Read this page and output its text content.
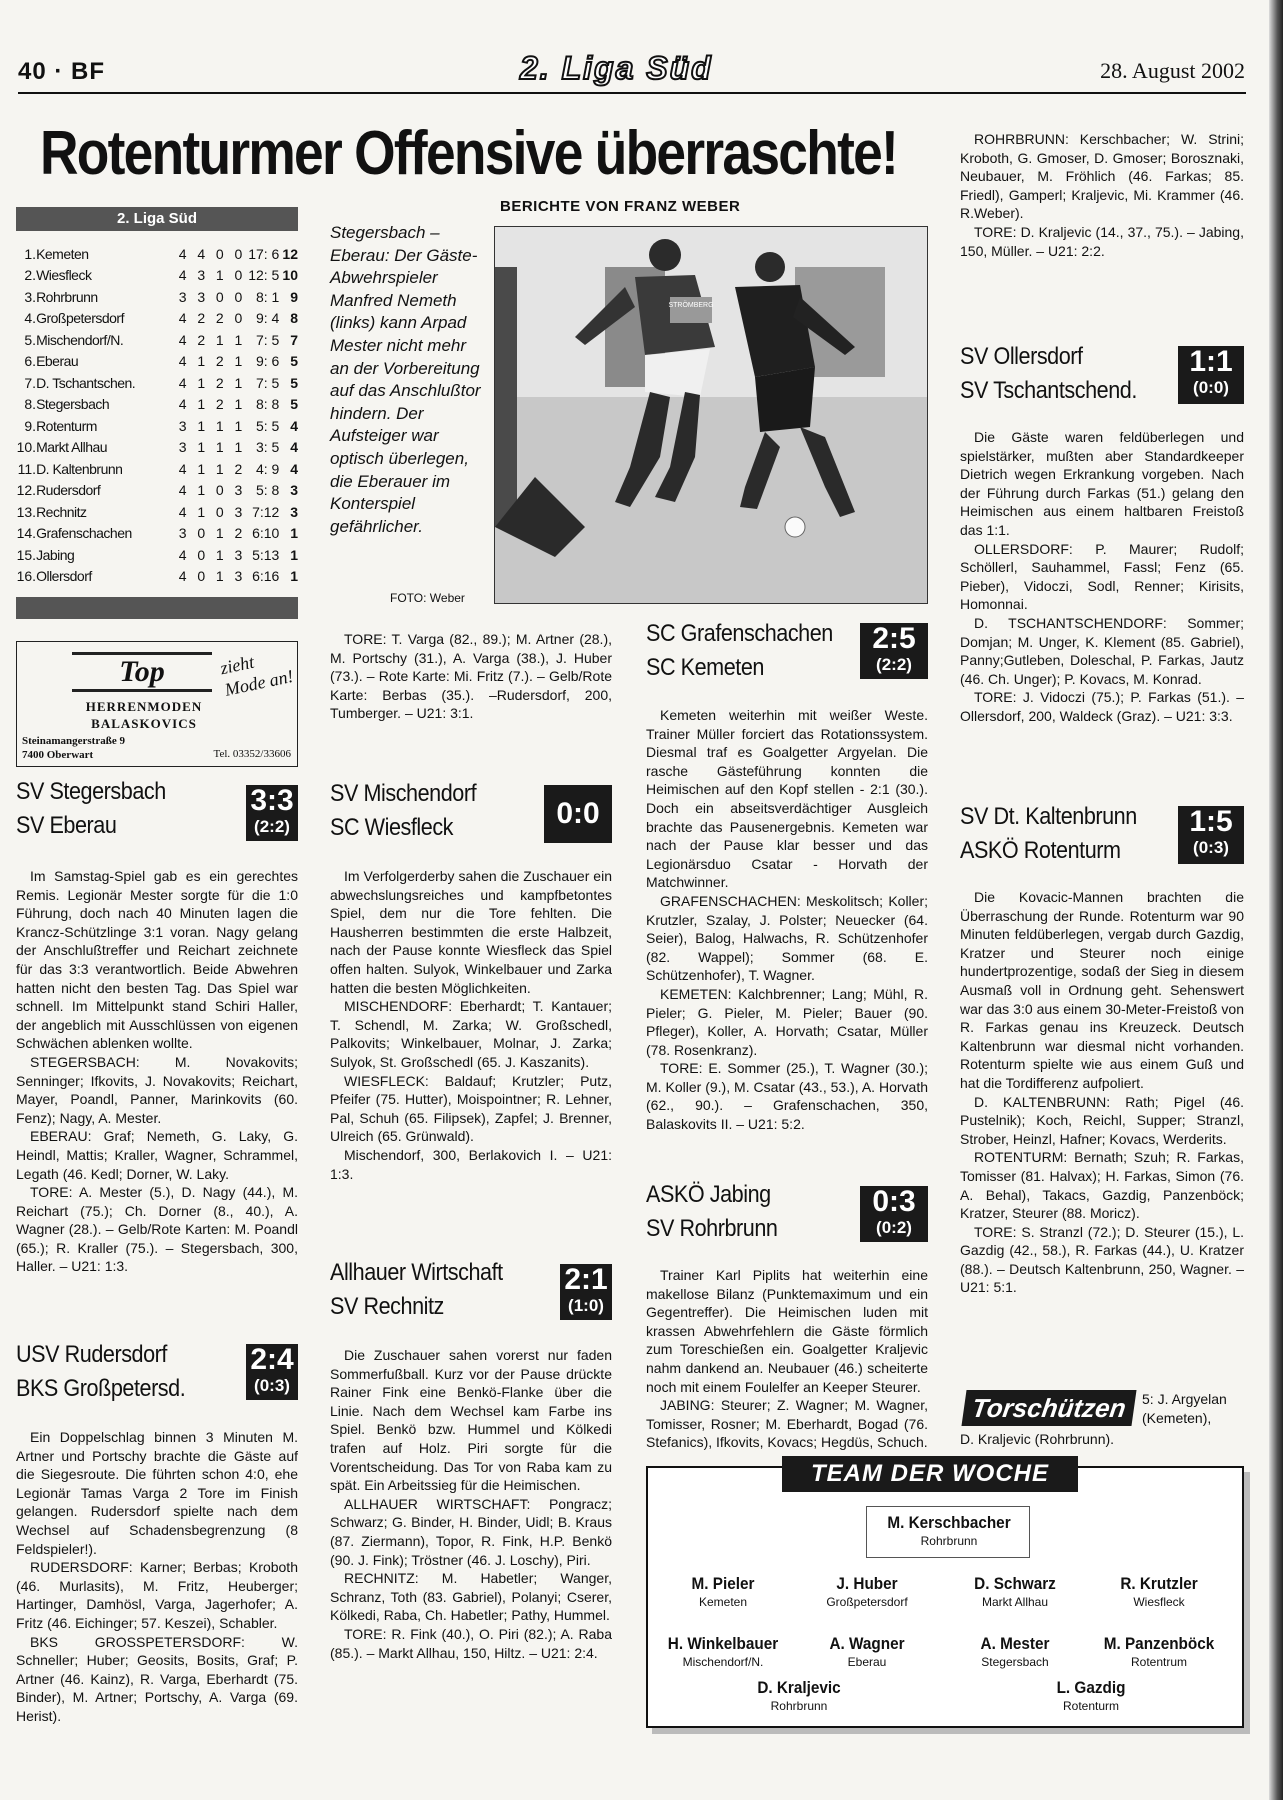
40 · BF	2. Liga Süd	28. August 2002
Rotenturmer Offensive überraschte!
2. Liga Süd
1.	Kemeten	4	4	0	0	17: 6	12
2.	Wiesfleck	4	3	1	0	12: 5	10
3.	Rohrbrunn	3	3	0	0	8: 1	9
4.	Großpetersdorf	4	2	2	0	9: 4	8
5.	Mischendorf/N.	4	2	1	1	7: 5	7
6.	Eberau	4	1	2	1	9: 6	5
7.	D. Tschantschen.	4	1	2	1	7: 5	5
8.	Stegersbach	4	1	2	1	8: 8	5
9.	Rotenturm	3	1	1	1	5: 5	4
10.	Markt Allhau	3	1	1	1	3: 5	4
11.	D. Kaltenbrunn	4	1	1	2	4: 9	4
12.	Rudersdorf	4	1	0	3	5: 8	3
13.	Rechnitz	4	1	0	3	7:12	3
14.	Grafenschachen	3	0	1	2	6:10	1
15.	Jabing	4	0	1	3	5:13	1
16.	Ollersdorf	4	0	1	3	6:16	1
Top
HERRENMODEN
BALASKOVICS
zieht Mode an!
Steinamangerstraße 9
7400 Oberwart	Tel. 03352/33606
BERICHTE VON FRANZ WEBER
Stegersbach – Eberau: Der Gäste-Abwehrspieler Manfred Nemeth (links) kann Arpad Mester nicht mehr an der Vorbereitung auf das Anschlußtor hindern. Der Aufsteiger war optisch überlegen, die Eberauer im Konterspiel gefährlicher.
FOTO: Weber
STRÖMBERG
SV Stegersbach
SV Eberau
3:3
(2:2)

Im Samstag-Spiel gab es ein gerechtes Remis. Legionär Mester sorgte für die 1:0 Führung, doch nach 40 Minuten lagen die Krancz-Schützlinge 3:1 voran. Nagy gelang der Anschlußtreffer und Reichart zeichnete für das 3:3 verantwortlich. Beide Abwehren hatten nicht den besten Tag. Das Spiel war schnell. Im Mittelpunkt stand Schiri Haller, der angeblich mit Ausschlüssen von eigenen Schwächen ablenken wollte.

STEGERSBACH: M. Novakovits; Senninger; Ifkovits, J. Novakovits; Reichart, Mayer, Poandl, Panner, Marinkovits (60. Fenz); Nagy, A. Mester.

EBERAU: Graf; Nemeth, G. Laky, G. Heindl, Mattis; Kraller, Wagner, Schrammel, Legath (46. Kedl; Dorner, W. Laky.

TORE: A. Mester (5.), D. Nagy (44.), M. Reichart (75.); Ch. Dorner (8., 40.), A. Wagner (28.). – Gelb/Rote Karten: M. Poandl (65.); R. Kraller (75.). – Stegersbach, 300, Haller. – U21: 1:3.

USV Rudersdorf
BKS Großpetersd.
2:4
(0:3)

Ein Doppelschlag binnen 3 Minuten M. Artner und Portschy brachte die Gäste auf die Siegesroute. Die führten schon 4:0, ehe Legionär Tamas Varga 2 Tore im Finish gelangen. Rudersdorf spielte nach dem Wechsel auf Schadensbegrenzung (8 Feldspieler!).

RUDERSDORF: Karner; Berbas; Kroboth (46. Murlasits), M. Fritz, Heuberger; Hartinger, Damhösl, Varga, Jagerhofer; A. Fritz (46. Eichinger; 57. Keszei), Schabler.

BKS GROSSPETERSDORF: W. Schneller; Huber; Geosits, Bosits, Graf; P. Artner (46. Kainz), R. Varga, Eberhardt (75. Binder), M. Artner; Portschy, A. Varga (69. Herist).

TORE: T. Varga (82., 89.); M. Artner (28.), M. Portschy (31.), A. Varga (38.), J. Huber (73.). – Rote Karte: Mi. Fritz (7.). – Gelb/Rote Karte: Berbas (35.). –Rudersdorf, 200, Tumberger. – U21: 3:1.

SV Mischendorf
SC Wiesfleck	0:0

Im Verfolgerderby sahen die Zuschauer ein abwechslungsreiches und kampfbetontes Spiel, dem nur die Tore fehlten. Die Hausherren bestimmten die erste Halbzeit, nach der Pause konnte Wiesfleck das Spiel offen halten. Sulyok, Winkelbauer und Zarka hatten die besten Möglichkeiten.

MISCHENDORF: Eberhardt; T. Kantauer; T. Schendl, M. Zarka; W. Großschedl, Palkovits; Winkelbauer, Molnar, J. Zarka; Sulyok, St. Großschedl (65. J. Kaszanits).

WIESFLECK: Baldauf; Krutzler; Putz, Pfeifer (75. Hutter), Moispointner; R. Lehner, Pal, Schuh (65. Filipsek), Zapfel; J. Brenner, Ulreich (65. Grünwald).

Mischendorf, 300, Berlakovich I. – U21: 1:3.

Allhauer Wirtschaft
SV Rechnitz
2:1
(1:0)

Die Zuschauer sahen vorerst nur faden Sommerfußball. Kurz vor der Pause drückte Rainer Fink eine Benkö-Flanke über die Linie. Nach dem Wechsel kam Farbe ins Spiel. Benkö bzw. Hummel und Kölkedi trafen auf Holz. Piri sorgte für die Vorentscheidung. Das Tor von Raba kam zu spät. Ein Arbeitssieg für die Heimischen.

ALLHAUER WIRTSCHAFT: Pongracz; Schwarz; G. Binder, H. Binder, Uidl; B. Kraus (87. Ziermann), Topor, R. Fink, H.P. Benkö (90. J. Fink); Tröstner (46. J. Loschy), Piri.

RECHNITZ: M. Habetler; Wanger, Schranz, Toth (83. Gabriel), Polanyi; Cserer, Kölkedi, Raba, Ch. Habetler; Pathy, Hummel.

TORE: R. Fink (40.), O. Piri (82.); A. Raba (85.). – Markt Allhau, 150, Hiltz. – U21: 2:4.

SC Grafenschachen
SC Kemeten
2:5
(2:2)

Kemeten weiterhin mit weißer Weste. Trainer Müller forciert das Rotationssystem. Diesmal traf es Goalgetter Argyelan. Die rasche Gästeführung konnten die Heimischen auf den Kopf stellen - 2:1 (30.). Doch ein abseitsverdächtiger Ausgleich brachte das Pausenergebnis. Kemeten war nach der Pause klar besser und das Legionärsduo Csatar - Horvath der Matchwinner.

GRAFENSCHACHEN: Meskolitsch; Koller; Krutzler, Szalay, J. Polster; Neuecker (64. Seier), Balog, Halwachs, R. Schützenhofer (82. Wappel); Sommer (68. E. Schützenhofer), T. Wagner.

KEMETEN: Kalchbrenner; Lang; Mühl, R. Pieler; G. Pieler, M. Pieler; Bauer (90. Pfleger), Koller, A. Horvath; Csatar, Müller (78. Rosenkranz).

TORE: E. Sommer (25.), T. Wagner (30.); M. Koller (9.), M. Csatar (43., 53.), A. Horvath (62., 90.). – Grafenschachen, 350, Balaskovits II. – U21: 5:2.

ASKÖ Jabing
SV Rohrbrunn
0:3
(0:2)

Trainer Karl Piplits hat weiterhin eine makellose Bilanz (Punktemaximum und ein Gegentreffer). Die Heimischen luden mit krassen Abwehrfehlern die Gäste förmlich zum Toreschießen ein. Goalgetter Kraljevic nahm dankend an. Neubauer (46.) scheiterte noch mit einem Foulelfer an Keeper Steurer.

JABING: Steurer; Z. Wagner; M. Wagner, Tomisser, Rosner; M. Eberhardt, Bogad (76. Stefanics), Ifkovits, Kovacs; Hegdüs, Schuch.

ROHRBRUNN: Kerschbacher; W. Strini; Kroboth, G. Gmoser, D. Gmoser; Borosznaki, Neubauer, M. Fröhlich (46. Farkas; 85. Friedl), Gamperl; Kraljevic, Mi. Krammer (46. R.Weber).

TORE: D. Kraljevic (14., 37., 75.). – Jabing, 150, Müller. – U21: 2:2.

SV Ollersdorf
SV Tschantschend.
1:1
(0:0)

Die Gäste waren feldüberlegen und spielstärker, mußten aber Standardkeeper Dietrich wegen Erkrankung vorgeben. Nach der Führung durch Farkas (51.) gelang den Heimischen aus einem haltbaren Freistoß das 1:1.

OLLERSDORF: P. Maurer; Rudolf; Schöllerl, Sauhammel, Fassl; Fenz (65. Pieber), Vidoczi, Sodl, Renner; Kirisits, Homonnai.

D. TSCHANTSCHENDORF: Sommer; Domjan; M. Unger, K. Klement (85. Gabriel), Panny;Gutleben, Doleschal, P. Farkas, Jautz (46. Ch. Unger); P. Kovacs, M. Konrad.

TORE: J. Vidoczi (75.); P. Farkas (51.). – Ollersdorf, 200, Waldeck (Graz). – U21: 3:3.

SV Dt. Kaltenbrunn
ASKÖ Rotenturm
1:5
(0:3)

Die Kovacic-Mannen brachten die Überraschung der Runde. Rotenturm war 90 Minuten feldüberlegen, vergab durch Gazdig, Kratzer und Steurer noch einige hundertprozentige, sodaß der Sieg in diesem Ausmaß voll in Ordnung geht. Sehenswert war das 3:0 aus einem 30-Meter-Freistoß von R. Farkas genau ins Kreuzeck. Deutsch Kaltenbrunn war diesmal nicht vorhanden. Rotenturm spielte wie aus einem Guß und hat die Tordifferenz aufpoliert.

D. KALTENBRUNN: Rath; Pigel (46. Pustelnik); Koch, Reichl, Supper; Stranzl, Strober, Heinzl, Hafner; Kovacs, Werderits.

ROTENTURM: Bernath; Szuh; R. Farkas, Tomisser (81. Halvax); H. Farkas, Simon (76. A. Behal), Takacs, Gazdig, Panzenböck; Kratzer, Steurer (88. Moricz).

TORE: S. Stranzl (72.); D. Steurer (15.), L. Gazdig (42., 58.), R. Farkas (44.), U. Kratzer (88.). – Deutsch Kaltenbrunn, 250, Wagner. – U21: 5:1.

Torschützen	5: J. Argyelan (Kemeten),
D. Kraljevic (Rohrbrunn).
TEAM DER WOCHE
M. Kerschbacher
Rohrbrunn
M. Pieler
Kemeten
J. Huber
Großpetersdorf
D. Schwarz
Markt Allhau
R. Krutzler
Wiesfleck
H. Winkelbauer
Mischendorf/N.
A. Wagner
Eberau
A. Mester
Stegersbach
M. Panzenböck
Rotentrum
D. Kraljevic
Rohrbrunn
L. Gazdig
Rotenturm
